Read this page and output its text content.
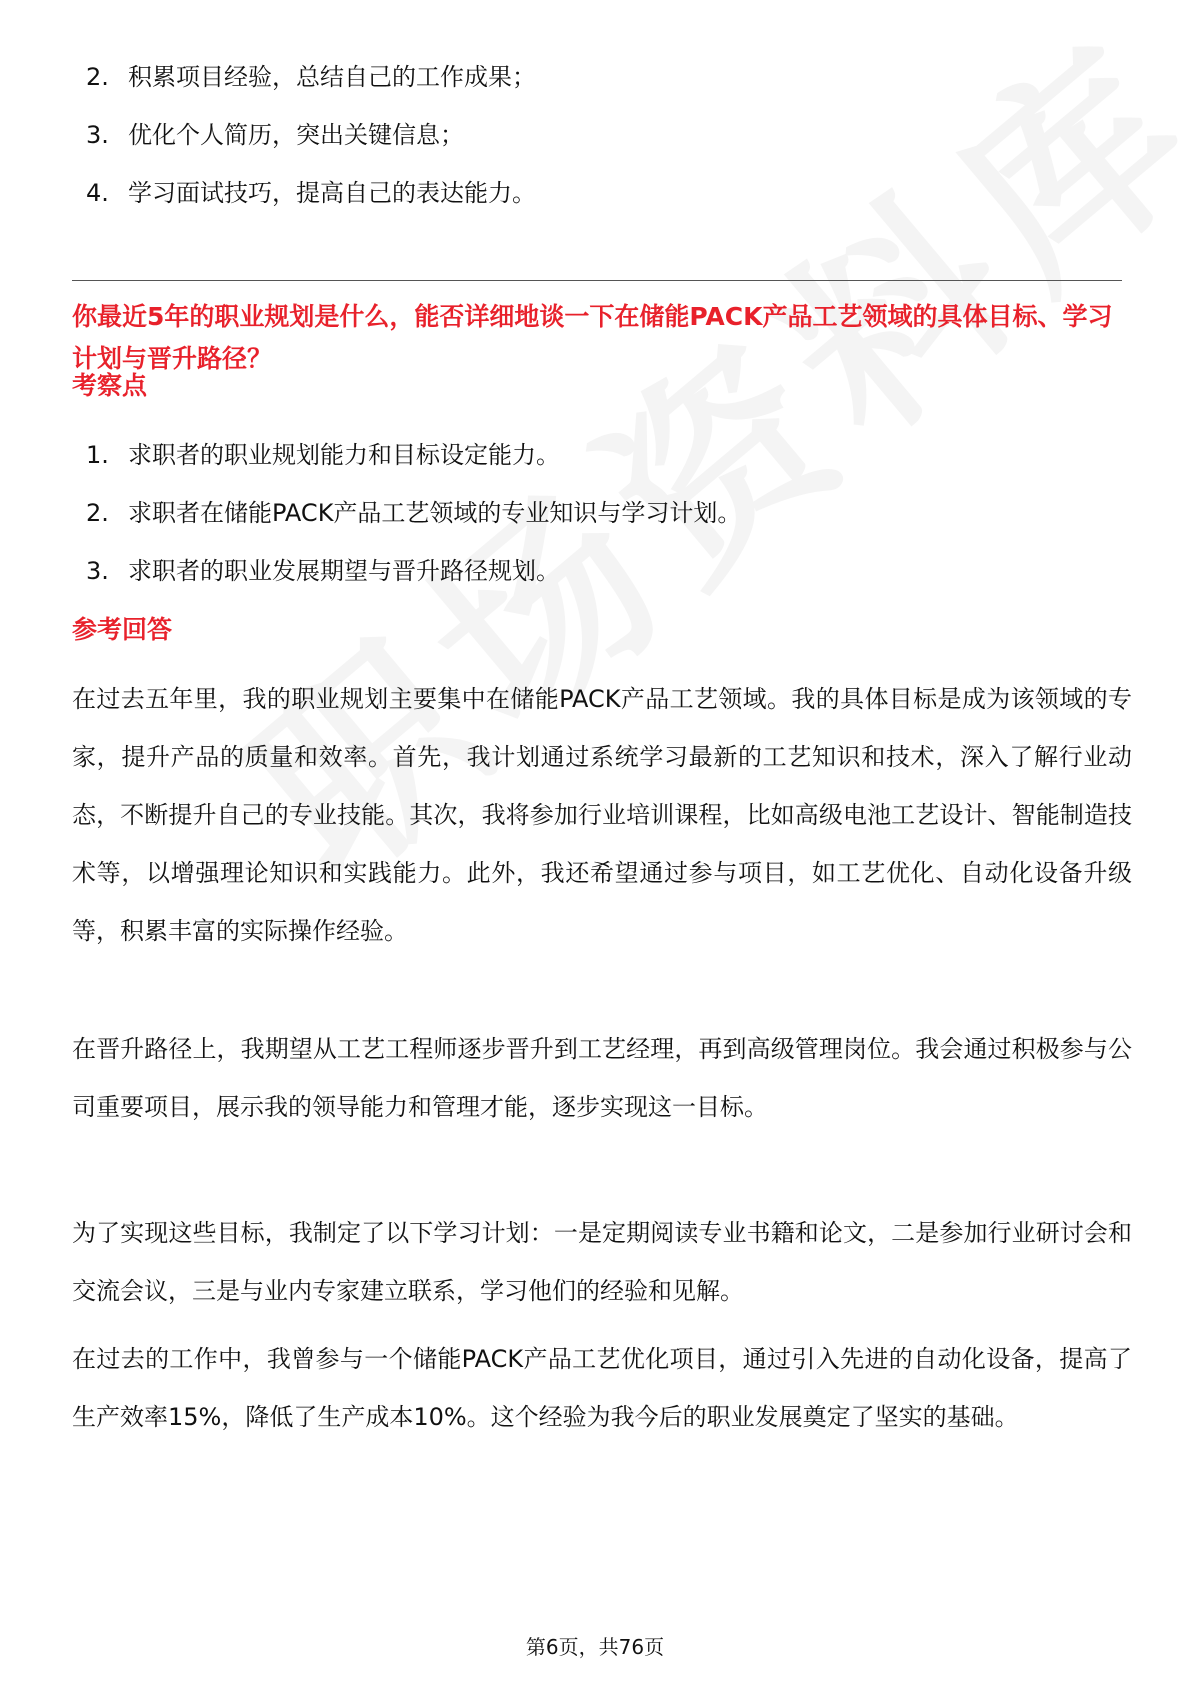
2. 积累项目经验，总结自己的工作成果；
3. 优化个人简历，突出关键信息；
4. 学习面试技巧，提高自己的表达能力。
你最近5年的职业规划是什么，能否详细地谈一下在储能PACK产品工艺领域的具体目标、学习计划与晋升路径？
考察点
1. 求职者的职业规划能力和目标设定能力。
2. 求职者在储能PACK产品工艺领域的专业知识与学习计划。
3. 求职者的职业发展期望与晋升路径规划。
参考回答

在过去五年里，我的职业规划主要集中在储能PACK产品工艺领域。我的具体目标是成为该领域的专家，提升产品的质量和效率。首先，我计划通过系统学习最新的工艺知识和技术，深入了解行业动态，不断提升自己的专业技能。其次，我将参加行业培训课程，比如高级电池工艺设计、智能制造技术等，以增强理论知识和实践能力。此外，我还希望通过参与项目，如工艺优化、自动化设备升级等，积累丰富的实际操作经验。

在晋升路径上，我期望从工艺工程师逐步晋升到工艺经理，再到高级管理岗位。我会通过积极参与公司重要项目，展示我的领导能力和管理才能，逐步实现这一目标。

为了实现这些目标，我制定了以下学习计划：一是定期阅读专业书籍和论文，二是参加行业研讨会和交流会议，三是与业内专家建立联系，学习他们的经验和见解。

在过去的工作中，我曾参与一个储能PACK产品工艺优化项目，通过引入先进的自动化设备，提高了生产效率15%，降低了生产成本10%。这个经验为我今后的职业发展奠定了坚实的基础。

第6页，共76页
